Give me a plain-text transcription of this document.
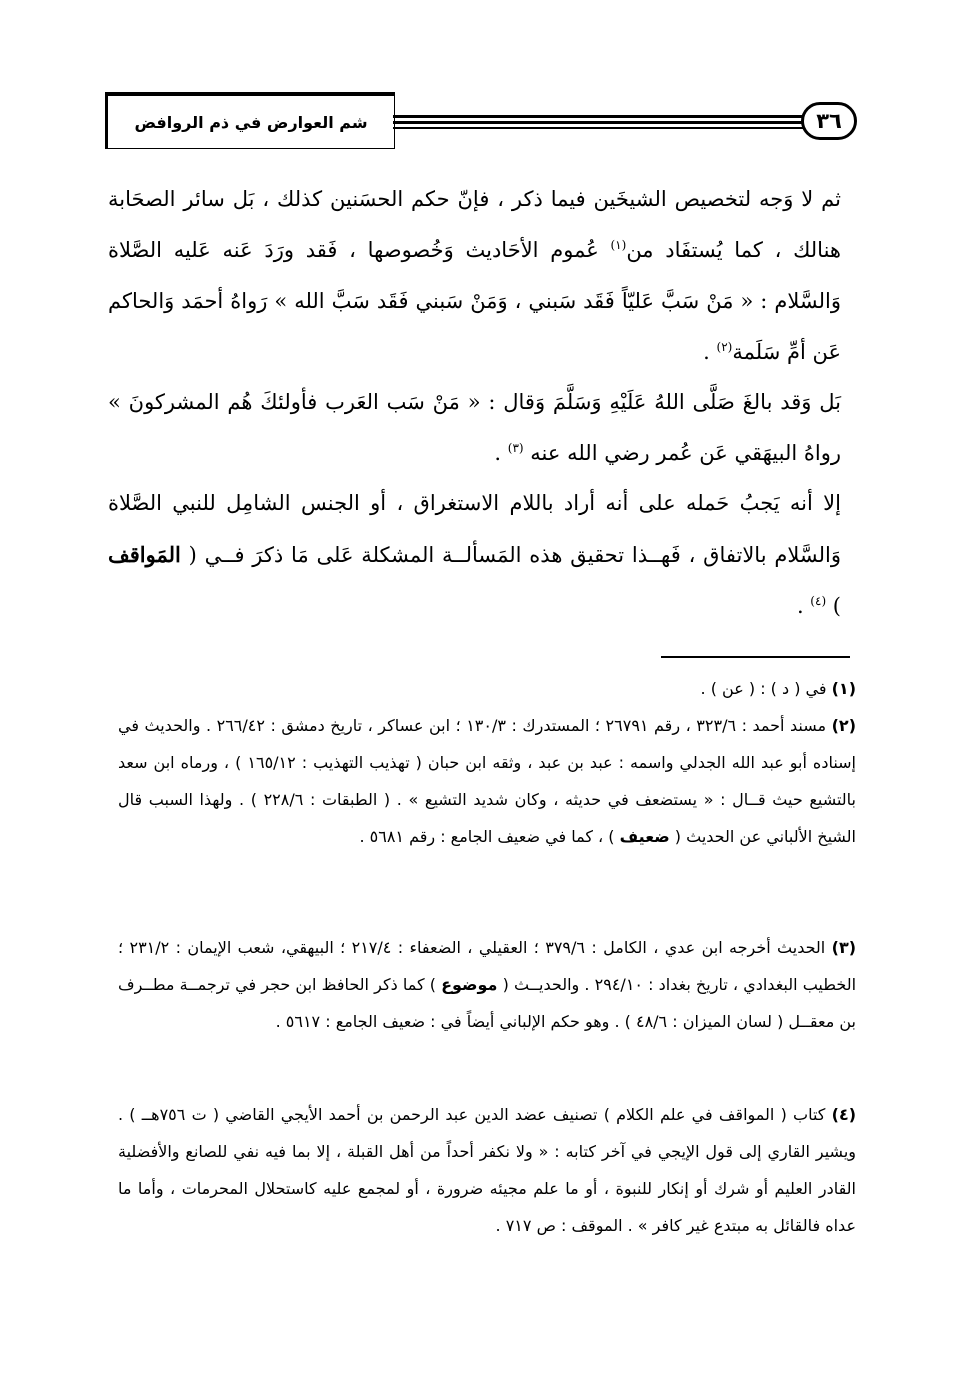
٣٦
شم العوارض في ذم الروافض

ثم لا وَجه لتخصيص الشيخَين فيما ذكر ، فإنّ حكم الحسَنين كذلك ، بَل سائر الصحَابة هنالك ، كما يُستفَاد من$^{(١)}$ عُموم الأحَاديث وَخُصوصها ، فَقد ورَدَ عَنه عَليه الصَّلاة وَالسَّلام : « مَنْ سَبَّ عَليّاً فَقَد سَبني ، وَمَنْ سَبني فَقَد سَبَّ الله » رَواهُ أحمَد وَالحاكم عَن أمِّ سَلَمة$^{(٢)}$ .

بَل وَقد بالغَ صَلَّى اللهُ عَلَيْهِ وَسَلَّمَ وَقال : « مَنْ سَب العَرب فأولئكَ هُم المشركونَ » رواهُ البيهَقي عَن عُمر رضي الله عنه $^{(٣)}$ .

إلا أنه يَجبُ حَمله على أنه أراد باللام الاستغراق ، أو الجنس الشامِل للنبي الصَّلاة وَالسَّلام بالاتفاق ، فَهــذا تحقيق هذه المَسألــة المشكلة عَلى مَا ذكرَ فــي ( المَواقف ) $^{(٤)}$ .

(١) في ( د ) : ( عن ) .

(٢) مسند أحمد : ٣٢٣/٦ ، رقم ٢٦٧٩١ ؛ المستدرك : ١٣٠/٣ ؛ ابن عساكر ، تاريخ دمشق : ٢٦٦/٤٢ . والحديث في إسناده أبو عبد الله الجدلي واسمه : عبد بن عبد ، وثقه ابن حبان ( تهذيب التهذيب : ١٦٥/١٢ ) ، ورماه ابن سعد بالتشيع حيث قــال : « يستضعف في حديثه ، وكان شديد التشيع » . ( الطبقات : ٢٢٨/٦ ) . ولهذا السبب قال الشيخ الألباني عن الحديث ( ضعيف ) ، كما في ضعيف الجامع : رقم ٥٦٨١ .

(٣) الحديث أخرجه ابن عدي ، الكامل : ٣٧٩/٦ ؛ العقيلي ، الضعفاء : ٢١٧/٤ ؛ البيهقي، شعب الإيمان : ٢٣١/٢ ؛ الخطيب البغدادي ، تاريخ بغداد : ٢٩٤/١٠ . والحديــث ( موضوع ) كما ذكر الحافظ ابن حجر في ترجمــة مطــرف بن معقــل ( لسان الميزان : ٤٨/٦ ) . وهو حكم الإلباني أيضاً في : ضعيف الجامع : ٥٦١٧ .

(٤) كتاب ( المواقف في علم الكلام ) تصنيف عضد الدين عبد الرحمن بن أحمد الأيجي القاضي ( ت ٧٥٦هــ ) . ويشير القاري إلى قول الإيجي في آخر كتابه : « ولا نكفر أحداً من أهل القبلة ، إلا بما فيه نفي للصانع والأفضلية القادر العليم أو شرك أو إنكار للنبوة ، أو ما علم مجيئه ضرورة ، أو لمجمع عليه كاستحلال المحرمات ، وأما ما عداه فالقائل به مبتدع غير كافر » . الموقف : ص ٧١٧ .
